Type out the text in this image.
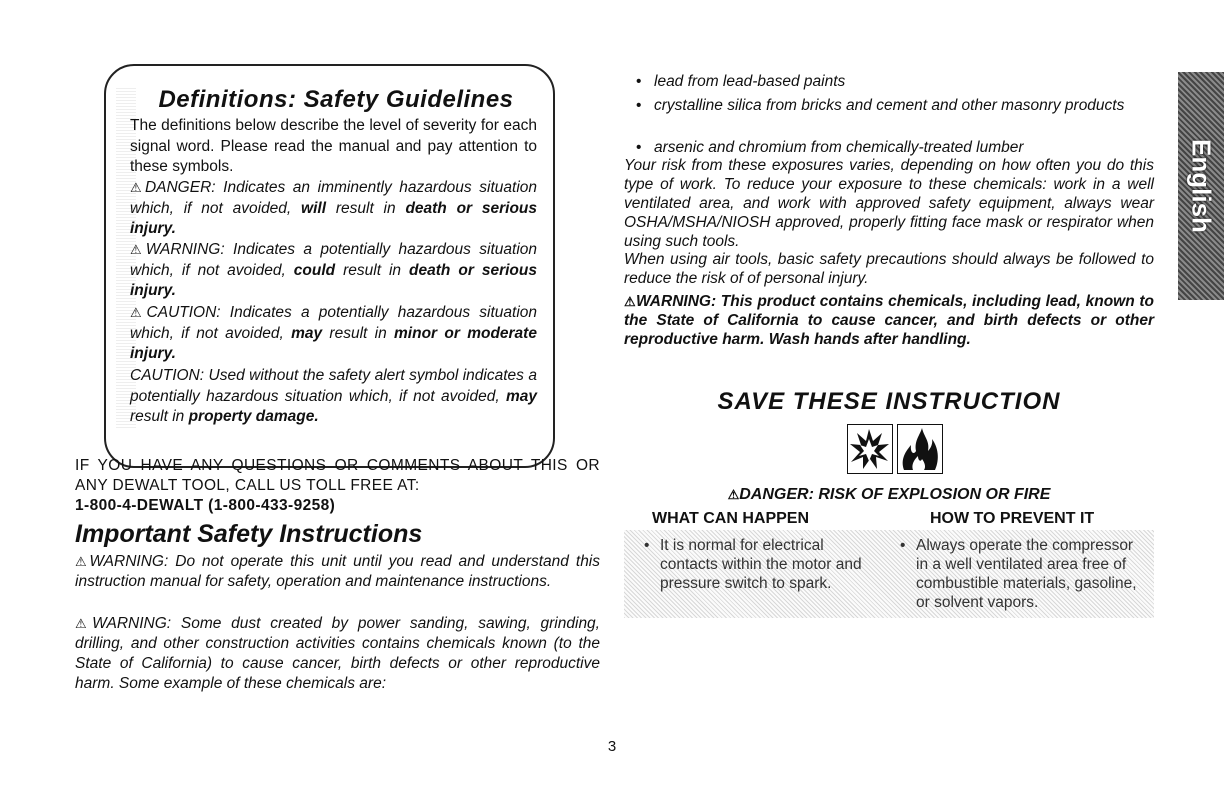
Definitions: Safety Guidelines
The definitions below describe the level of severity for each signal word. Please read the manual and pay attention to these symbols.
⚠DANGER: Indicates an imminently hazardous situation which, if not avoided, will result in death or serious injury.
⚠WARNING: Indicates a potentially hazardous situation which, if not avoided, could result in death or serious injury.
⚠CAUTION: Indicates a potentially hazardous situation which, if not avoided, may result in minor or moderate injury.
CAUTION: Used without the safety alert symbol indicates a potentially hazardous situation which, if not avoided, may result in property damage.
IF YOU HAVE ANY QUESTIONS OR COMMENTS ABOUT THIS OR ANY DEWALT TOOL, CALL US TOLL FREE AT:
1-800-4-DEWALT (1-800-433-9258)
Important Safety Instructions
⚠WARNING: Do not operate this unit until you read and understand this instruction manual for safety, operation and maintenance instructions.
⚠WARNING: Some dust created by power sanding, sawing, grinding, drilling, and other construction activities contains chemicals known (to the State of California) to cause cancer, birth defects or other reproductive harm. Some example of these chemicals are:
• lead from lead-based paints
• crystalline silica from bricks and cement and other masonry products
• arsenic and chromium from chemically-treated lumber
Your risk from these exposures varies, depending on how often you do this type of work. To reduce your exposure to these chemicals: work in a well ventilated area, and work with approved safety equipment, always wear OSHA/MSHA/NIOSH approved, properly fitting face mask or respirator when using such tools.
When using air tools, basic safety precautions should always be followed to reduce the risk of of personal injury.
⚠WARNING: This product contains chemicals, including lead, known to the State of California to cause cancer, and birth defects or other reproductive harm. Wash hands after handling.
SAVE THESE INSTRUCTION
⚠DANGER: RISK OF EXPLOSION OR FIRE
WHAT CAN HAPPEN	HOW TO PREVENT IT
• It is normal for electrical contacts within the motor and pressure switch to spark.
• Always operate the compressor in a well ventilated area free of combustible materials, gasoline, or solvent vapors.
English
3
